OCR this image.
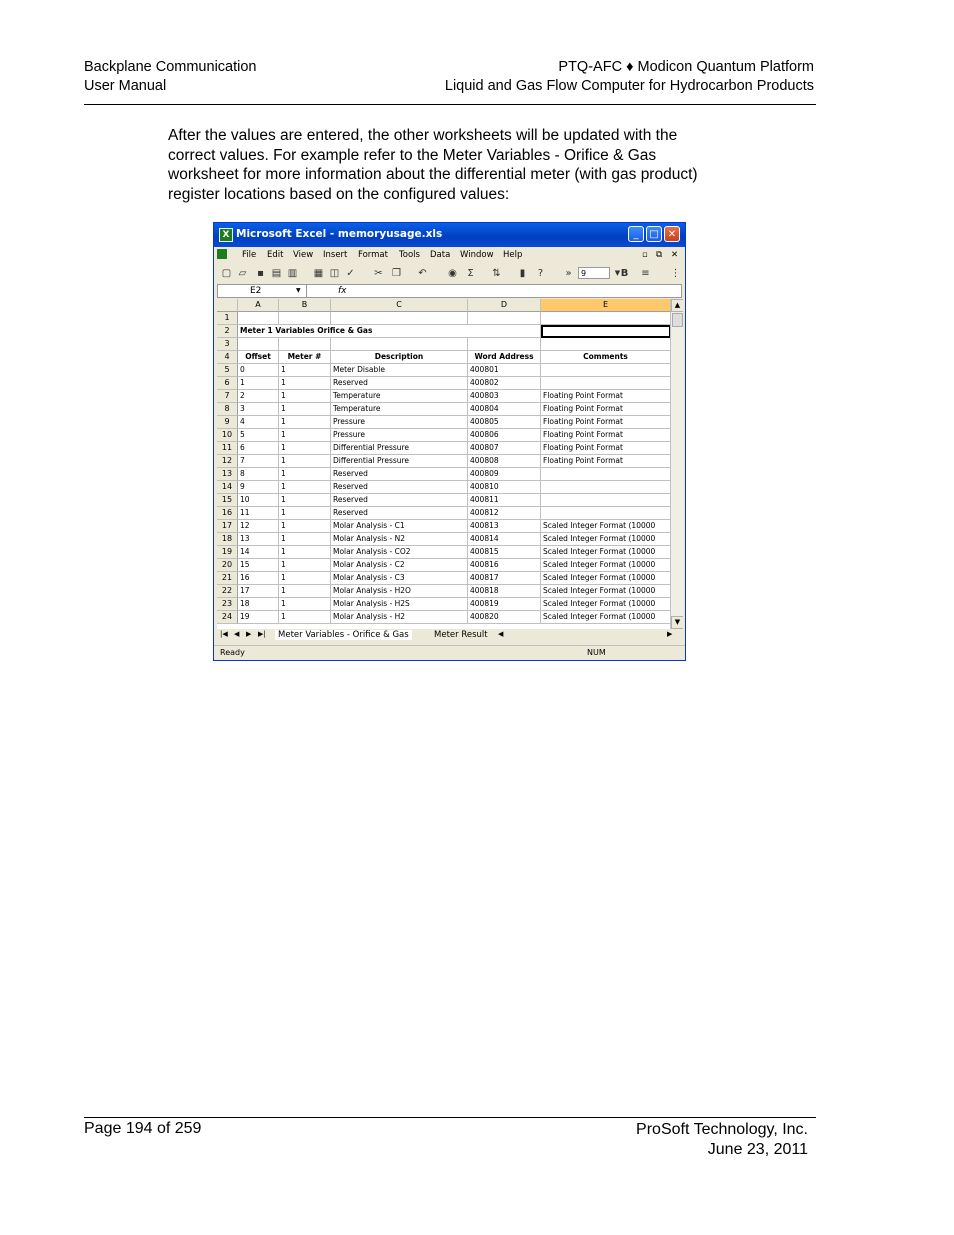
Backplane Communication
User Manual
PTQ-AFC ♦ Modicon Quantum Platform
Liquid and Gas Flow Computer for Hydrocarbon Products
After the values are entered, the other worksheets will be updated with the
correct values. For example refer to the Meter Variables - Orifice & Gas
worksheet for more information about the differential meter (with gas product)
register locations based on the configured values:
X Microsoft Excel - memoryusage.xls	_	□ ✕
File Edit View Insert Format Tools Data Window Help	▫ ⧉ ✕
▢ ▱	▪ ▤ ▥ ▦ ◫ ✓ ✂ ❐ ↶ ◉	Σ	⇅	▮	?	»	9	▼ B ≡ ⋮
E2	▼	fx
A	B	C	D	E
1
2	Meter 1 Variables Orifice & Gas
3
4	Offset	Meter #	Description	Word Address	Comments
5	0	1	Meter Disable	400801
6	1	1	Reserved	400802
7	2	1	Temperature	400803	Floating Point Format
8	3	1	Temperature	400804	Floating Point Format
9	4	1	Pressure	400805	Floating Point Format
10	5	1	Pressure	400806	Floating Point Format
11	6	1	Differential Pressure	400807	Floating Point Format
12	7	1	Differential Pressure	400808	Floating Point Format
13	8	1	Reserved	400809
14	9	1	Reserved	400810
15	10	1	Reserved	400811
16	11	1	Reserved	400812
17	12	1	Molar Analysis - C1	400813	Scaled Integer Format (10000
18	13	1	Molar Analysis - N2	400814	Scaled Integer Format (10000
19	14	1	Molar Analysis - CO2	400815	Scaled Integer Format (10000
20	15	1	Molar Analysis - C2	400816	Scaled Integer Format (10000
21	16	1	Molar Analysis - C3	400817	Scaled Integer Format (10000
22	17	1	Molar Analysis - H2O	400818	Scaled Integer Format (10000
23	18	1	Molar Analysis - H2S	400819	Scaled Integer Format (10000
24	19	1	Molar Analysis - H2	400820	Scaled Integer Format (10000
▲
▼
|◀ ◀ ▶ ▶|	Meter Variables - Orifice & Gas	Meter Result	◀	▶
Ready	NUM
Page 194 of 259	ProSoft Technology, Inc.
June 23, 2011
